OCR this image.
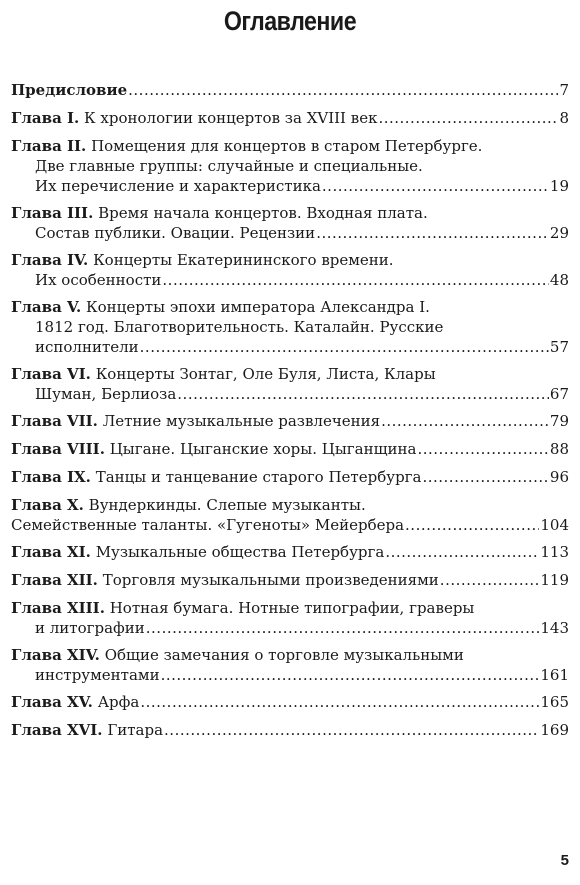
Оглавление
Предисловие .....	7
Глава I.
К хронологии концертов за XVIII век .....	8
Глава II.
Помещения для концертов в старом Петербурге.
Две главные группы: случайные и специальные.
Их перечисление и характеристика .....	19
Глава III.
Время начала концертов. Входная плата.
Состав публики. Овации. Рецензии .....	29
Глава IV.
Концерты Екатерининского времени.
Их особенности .....	48
Глава V.
Концерты эпохи императора Александра I.
1812 год. Благотворительность. Каталайн. Русские
исполнители .....	57
Глава VI.
Концерты Зонтаг, Оле Буля, Листа, Клары
Шуман, Берлиоза .....	67
Глава VII.
Летние музыкальные развлечения .....	79
Глава VIII.
Цыгане. Цыганские хоры. Цыганщина .....	88
Глава IX.
Танцы и танцевание старого Петербурга .....	96
Глава X.
Вундеркинды. Слепые музыканты.
Семейственные таланты. «Гугеноты» Мейербера .....	104
Глава XI.
Музыкальные общества Петербурга .....	113
Глава XII.
Торговля музыкальными произведениями .....	119
Глава XIII.
Нотная бумага. Нотные типографии, граверы
и литографии .....	143
Глава XIV.
Общие замечания о торговле музыкальными
инструментами .....	161
Глава XV.
Арфа .....	165
Глава XVI.
Гитара .....	169
5
